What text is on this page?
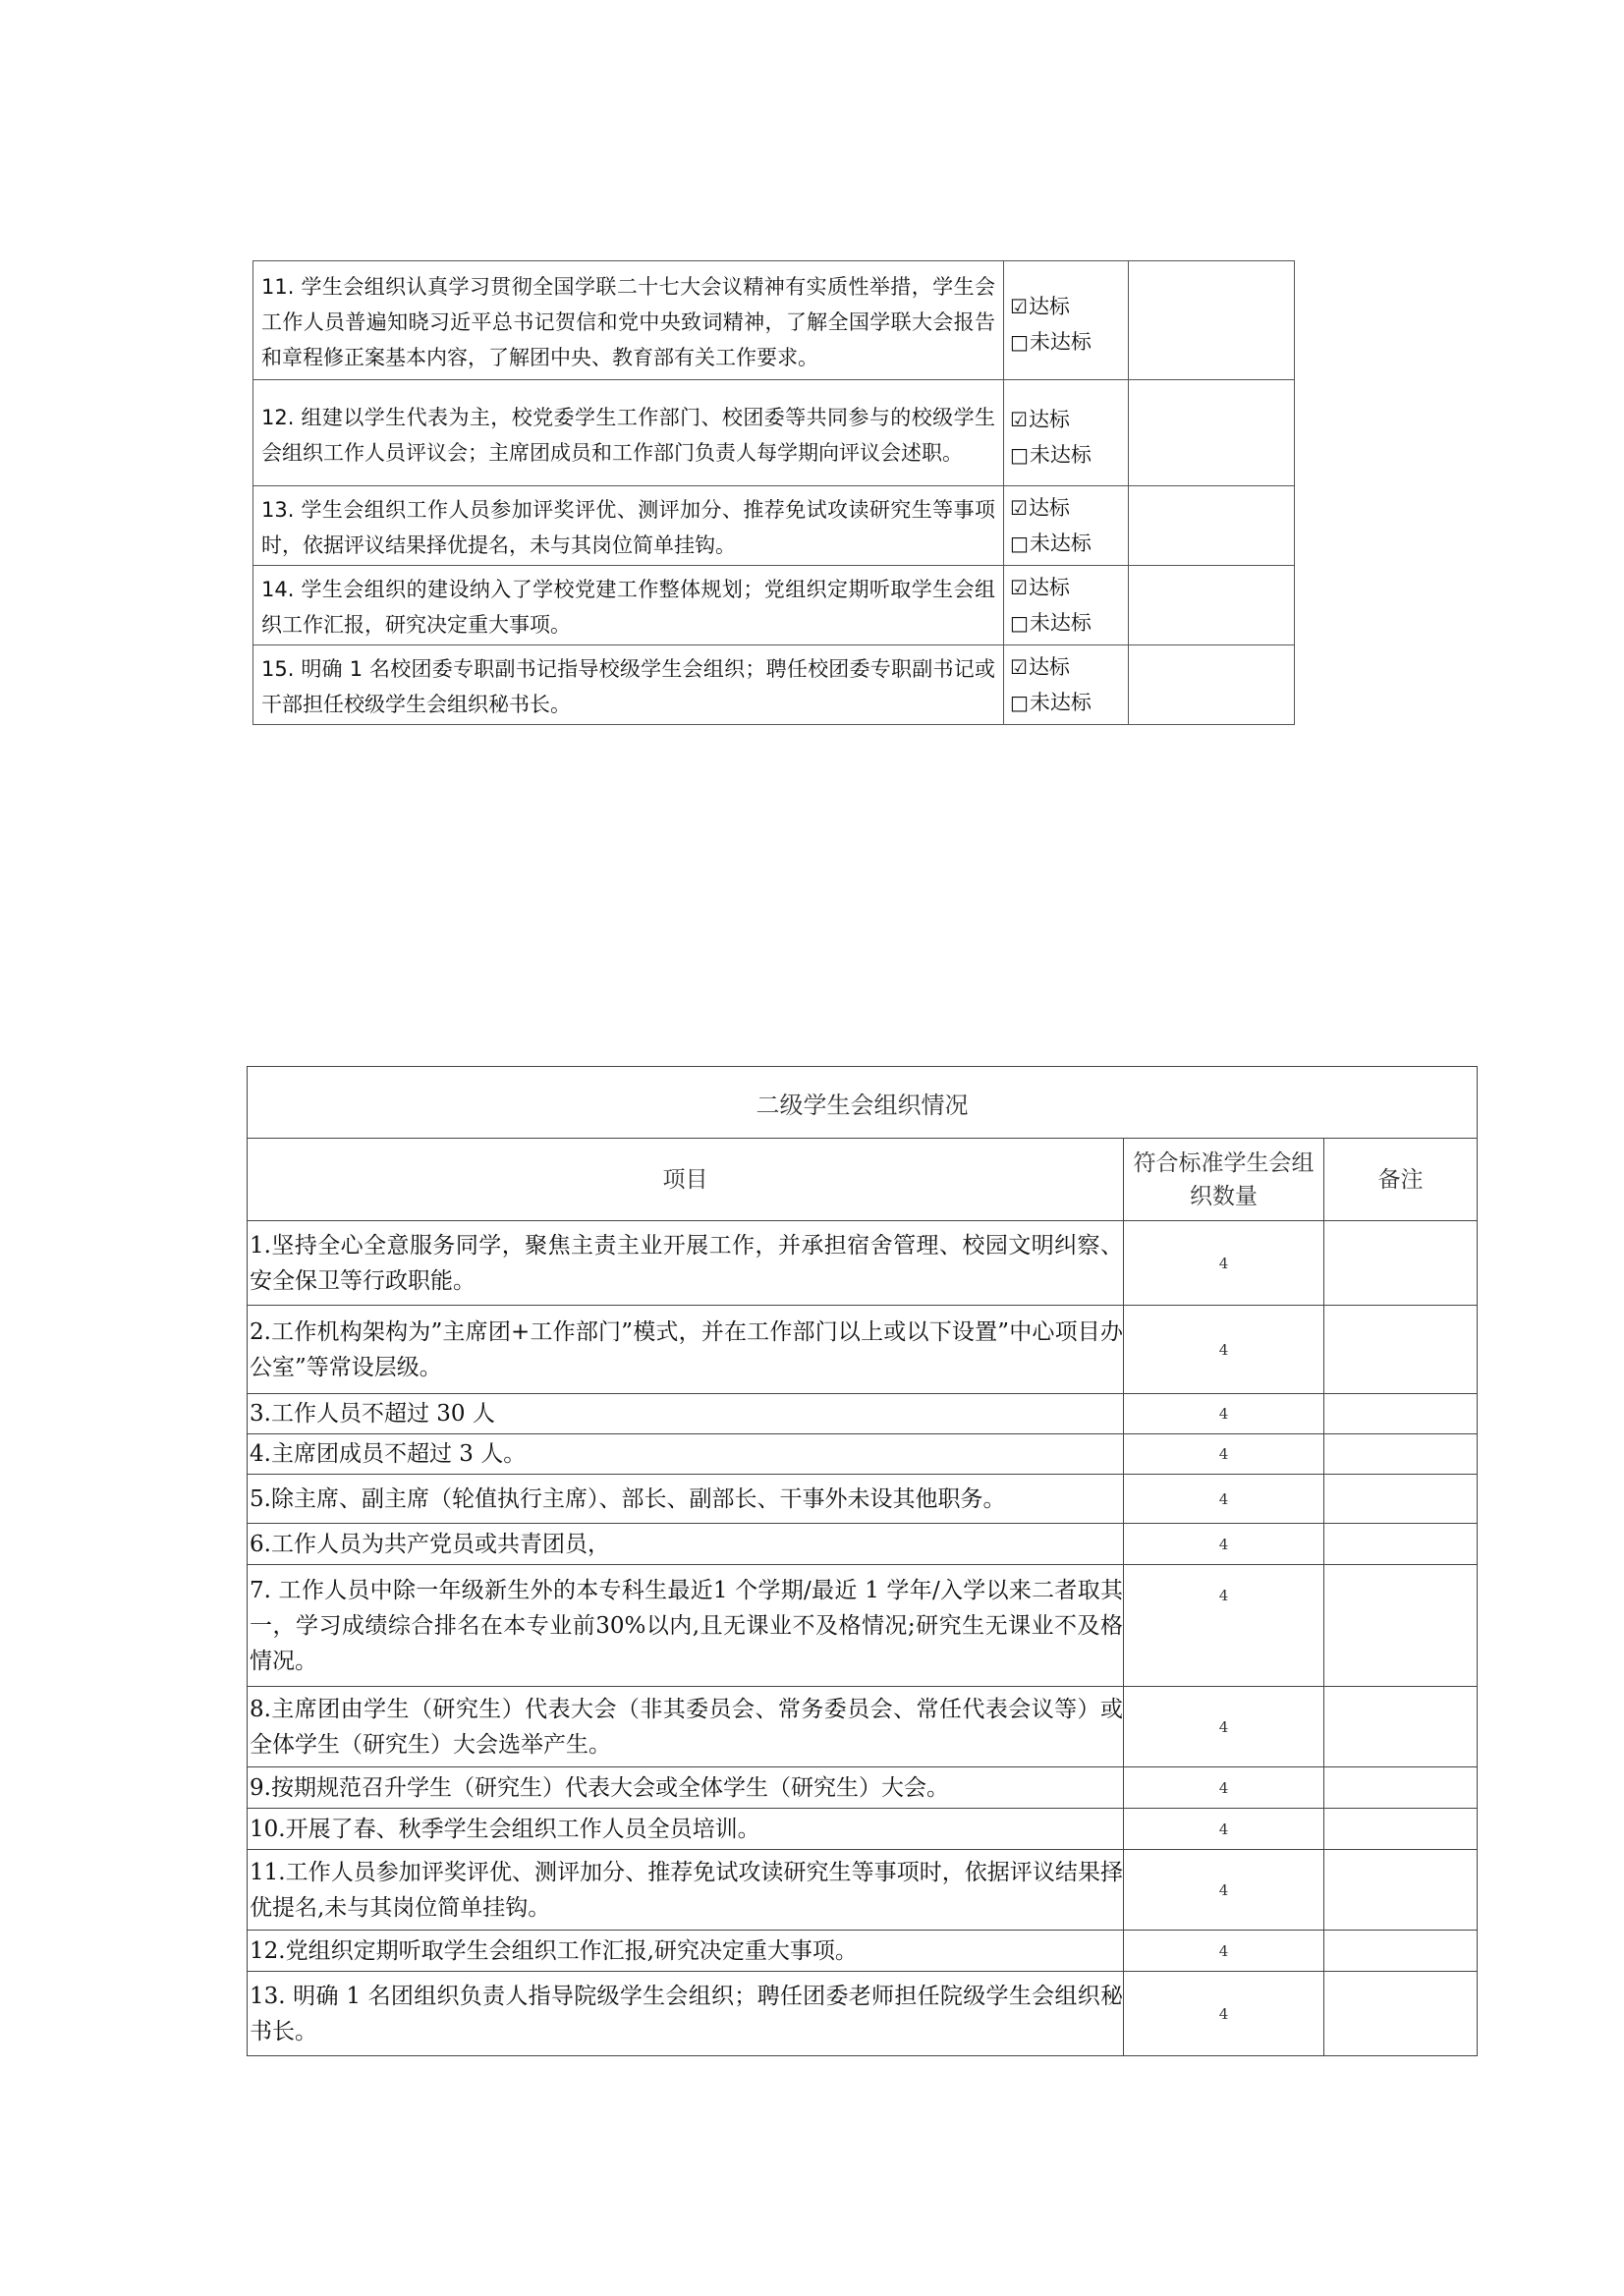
11. 学生会组织认真学习贯彻全国学联二十七大会议精神有实质性举措，学生会工作人员普遍知晓习近平总书记贺信和党中央致词精神，了解全国学联大会报告和章程修正案基本内容，了解团中央、教育部有关工作要求。	☑达标
□未达标	

12. 组建以学生代表为主，校党委学生工作部门、校团委等共同参与的校级学生会组织工作人员评议会；主席团成员和工作部门负责人每学期向评议会述职。	☑达标
□未达标	

13. 学生会组织工作人员参加评奖评优、测评加分、推荐免试攻读研究生等事项时，依据评议结果择优提名，未与其岗位简单挂钩。	☑达标
□未达标	

14. 学生会组织的建设纳入了学校党建工作整体规划；党组织定期听取学生会组织工作汇报，研究决定重大事项。	☑达标
□未达标	

15. 明确 1 名校团委专职副书记指导校级学生会组织；聘任校团委专职副书记或干部担任校级学生会组织秘书长。	☑达标
□未达标	

二级学生会组织情况		
项目	符合标准学生会组织数量	备注
1.坚持全心全意服务同学，聚焦主责主业开展工作，并承担宿舍管理、校园文明纠察、安全保卫等行政职能。	4	
2.工作机构架构为”主席团+工作部门”模式，并在工作部门以上或以下设置”中心项目办公室”等常设层级。	4	
3.工作人员不超过 30 人	4	
4.主席团成员不超过 3 人。	4	
5.除主席、副主席（轮值执行主席）、部长、副部长、干事外未设其他职务。	4	
6.工作人员为共产党员或共青团员，	4	
7. 工作人员中除一年级新生外的本专科生最近1 个学期/最近 1 学年/入学以来二者取其一，学习成绩综合排名在本专业前30%以内,且无课业不及格情况;研究生无课业不及格情况。	4	
8.主席团由学生（研究生）代表大会（非其委员会、常务委员会、常任代表会议等）或全体学生（研究生）大会选举产生。	4	
9.按期规范召升学生（研究生）代表大会或全体学生（研究生）大会。	4	
10.开展了春、秋季学生会组织工作人员全员培训。	4	
11.工作人员参加评奖评优、测评加分、推荐免试攻读研究生等事项时，依据评议结果择优提名,未与其岗位简单挂钩。	4	
12.党组织定期听取学生会组织工作汇报,研究决定重大事项。	4	
13. 明确 1 名团组织负责人指导院级学生会组织；聘任团委老师担任院级学生会组织秘书长。	4	
